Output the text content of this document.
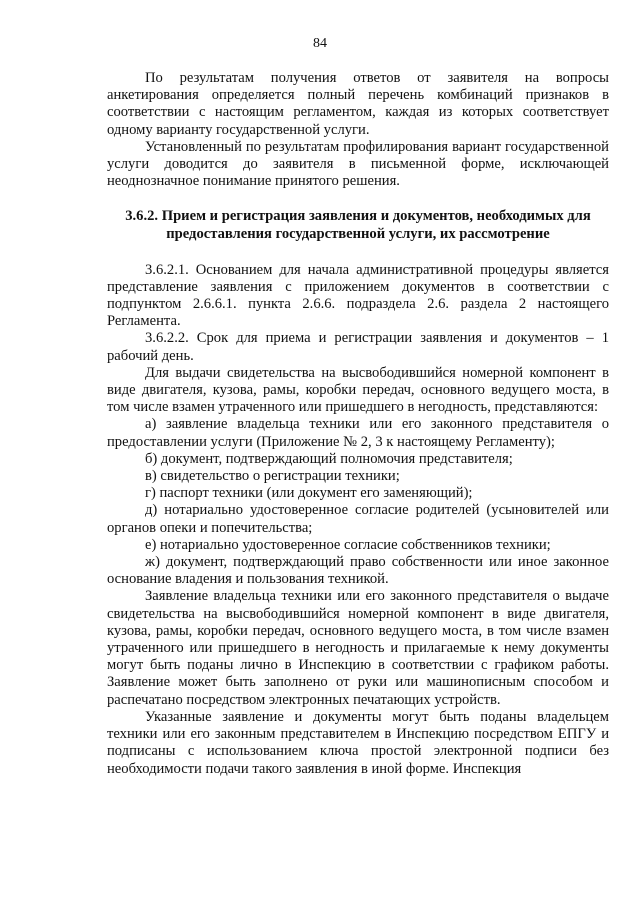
84

По результатам получения ответов от заявителя на вопросы анкетирования определяется полный перечень комбинаций признаков в соответствии с настоящим регламентом, каждая из которых соответствует одному варианту государственной услуги.

Установленный по результатам профилирования вариант государственной услуги доводится до заявителя в письменной форме, исключающей неоднозначное понимание принятого решения.

3.6.2. Прием и регистрация заявления и документов, необходимых для предоставления государственной услуги, их рассмотрение

3.6.2.1. Основанием для начала административной процедуры является представление заявления с приложением документов в соответствии с подпунктом 2.6.6.1. пункта 2.6.6. подраздела 2.6. раздела 2 настоящего Регламента.

3.6.2.2. Срок для приема и регистрации заявления и документов – 1 рабочий день.

Для выдачи свидетельства на высвободившийся номерной компонент в виде двигателя, кузова, рамы, коробки передач, основного ведущего моста, в том числе взамен утраченного или пришедшего в негодность, представляются:

а) заявление владельца техники или его законного представителя о предоставлении услуги (Приложение № 2, 3 к настоящему Регламенту);

б) документ, подтверждающий полномочия представителя;

в) свидетельство о регистрации техники;

г) паспорт техники (или документ его заменяющий);

д) нотариально удостоверенное согласие родителей (усыновителей или органов опеки и попечительства;

е) нотариально удостоверенное согласие собственников техники;

ж) документ, подтверждающий право собственности или иное законное основание владения и пользования техникой.

Заявление владельца техники или его законного представителя о выдаче свидетельства на высвободившийся номерной компонент в виде двигателя, кузова, рамы, коробки передач, основного ведущего моста, в том числе взамен утраченного или пришедшего в негодность и прилагаемые к нему документы могут быть поданы лично в Инспекцию в соответствии с графиком работы. Заявление может быть заполнено от руки или машинописным способом и распечатано посредством электронных печатающих устройств.

Указанные заявление и документы могут быть поданы владельцем техники или его законным представителем в Инспекцию посредством ЕПГУ и подписаны с использованием ключа простой электронной подписи без необходимости подачи такого заявления в иной форме. Инспекция
